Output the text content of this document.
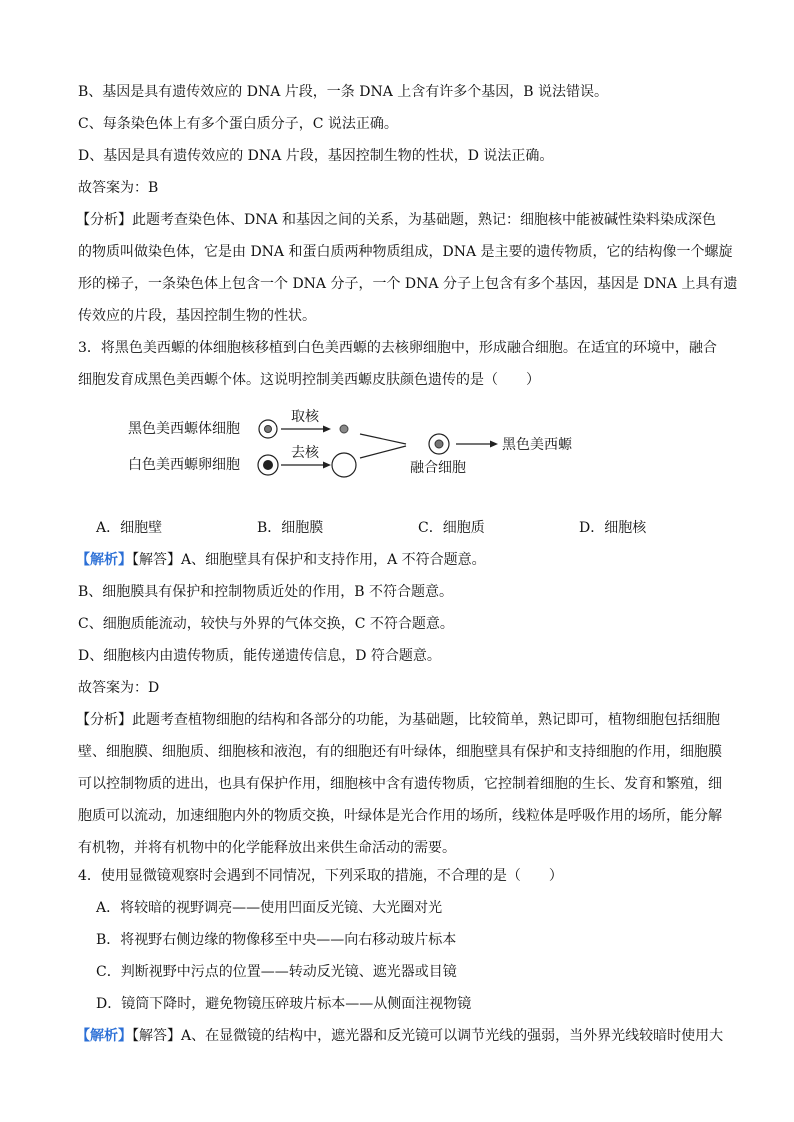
B、基因是具有遗传效应的 DNA 片段，一条 DNA 上含有许多个基因，B 说法错误。
C、每条染色体上有多个蛋白质分子，C 说法正确。
D、基因是具有遗传效应的 DNA 片段，基因控制生物的性状，D 说法正确。
故答案为：B
【分析】此题考查染色体、DNA 和基因之间的关系，为基础题，熟记：细胞核中能被碱性染料染成深色
的物质叫做染色体，它是由 DNA 和蛋白质两种物质组成，DNA 是主要的遗传物质，它的结构像一个螺旋
形的梯子，一条染色体上包含一个 DNA 分子，一个 DNA 分子上包含有多个基因，基因是 DNA 上具有遗
传效应的片段，基因控制生物的性状。
3．将黑色美西螈的体细胞核移植到白色美西螈的去核卵细胞中，形成融合细胞。在适宜的环境中，融合
细胞发育成黑色美西螈个体。这说明控制美西螈皮肤颜色遗传的是（　　）
黑色美西螈体细胞
白色美西螈卵细胞
取核
去核
融合细胞
黑色美西螈
A．细胞壁	B．细胞膜	C．细胞质	D．细胞核
【解析】【解答】A、细胞壁具有保护和支持作用，A 不符合题意。
B、细胞膜具有保护和控制物质近处的作用，B 不符合题意。
C、细胞质能流动，较快与外界的气体交换，C 不符合题意。
D、细胞核内由遗传物质，能传递遗传信息，D 符合题意。
故答案为：D
【分析】此题考查植物细胞的结构和各部分的功能，为基础题，比较简单，熟记即可，植物细胞包括细胞
壁、细胞膜、细胞质、细胞核和液泡，有的细胞还有叶绿体，细胞壁具有保护和支持细胞的作用，细胞膜
可以控制物质的进出，也具有保护作用，细胞核中含有遗传物质，它控制着细胞的生长、发育和繁殖，细
胞质可以流动，加速细胞内外的物质交换，叶绿体是光合作用的场所，线粒体是呼吸作用的场所，能分解
有机物，并将有机物中的化学能释放出来供生命活动的需要。
4．使用显微镜观察时会遇到不同情况，下列采取的措施，不合理的是（　　）
A．将较暗的视野调亮——使用凹面反光镜、大光圈对光
B．将视野右侧边缘的物像移至中央——向右移动玻片标本
C．判断视野中污点的位置——转动反光镜、遮光器或目镜
D．镜筒下降时，避免物镜压碎玻片标本——从侧面注视物镜
【解析】【解答】A、在显微镜的结构中，遮光器和反光镜可以调节光线的强弱，当外界光线较暗时使用大
